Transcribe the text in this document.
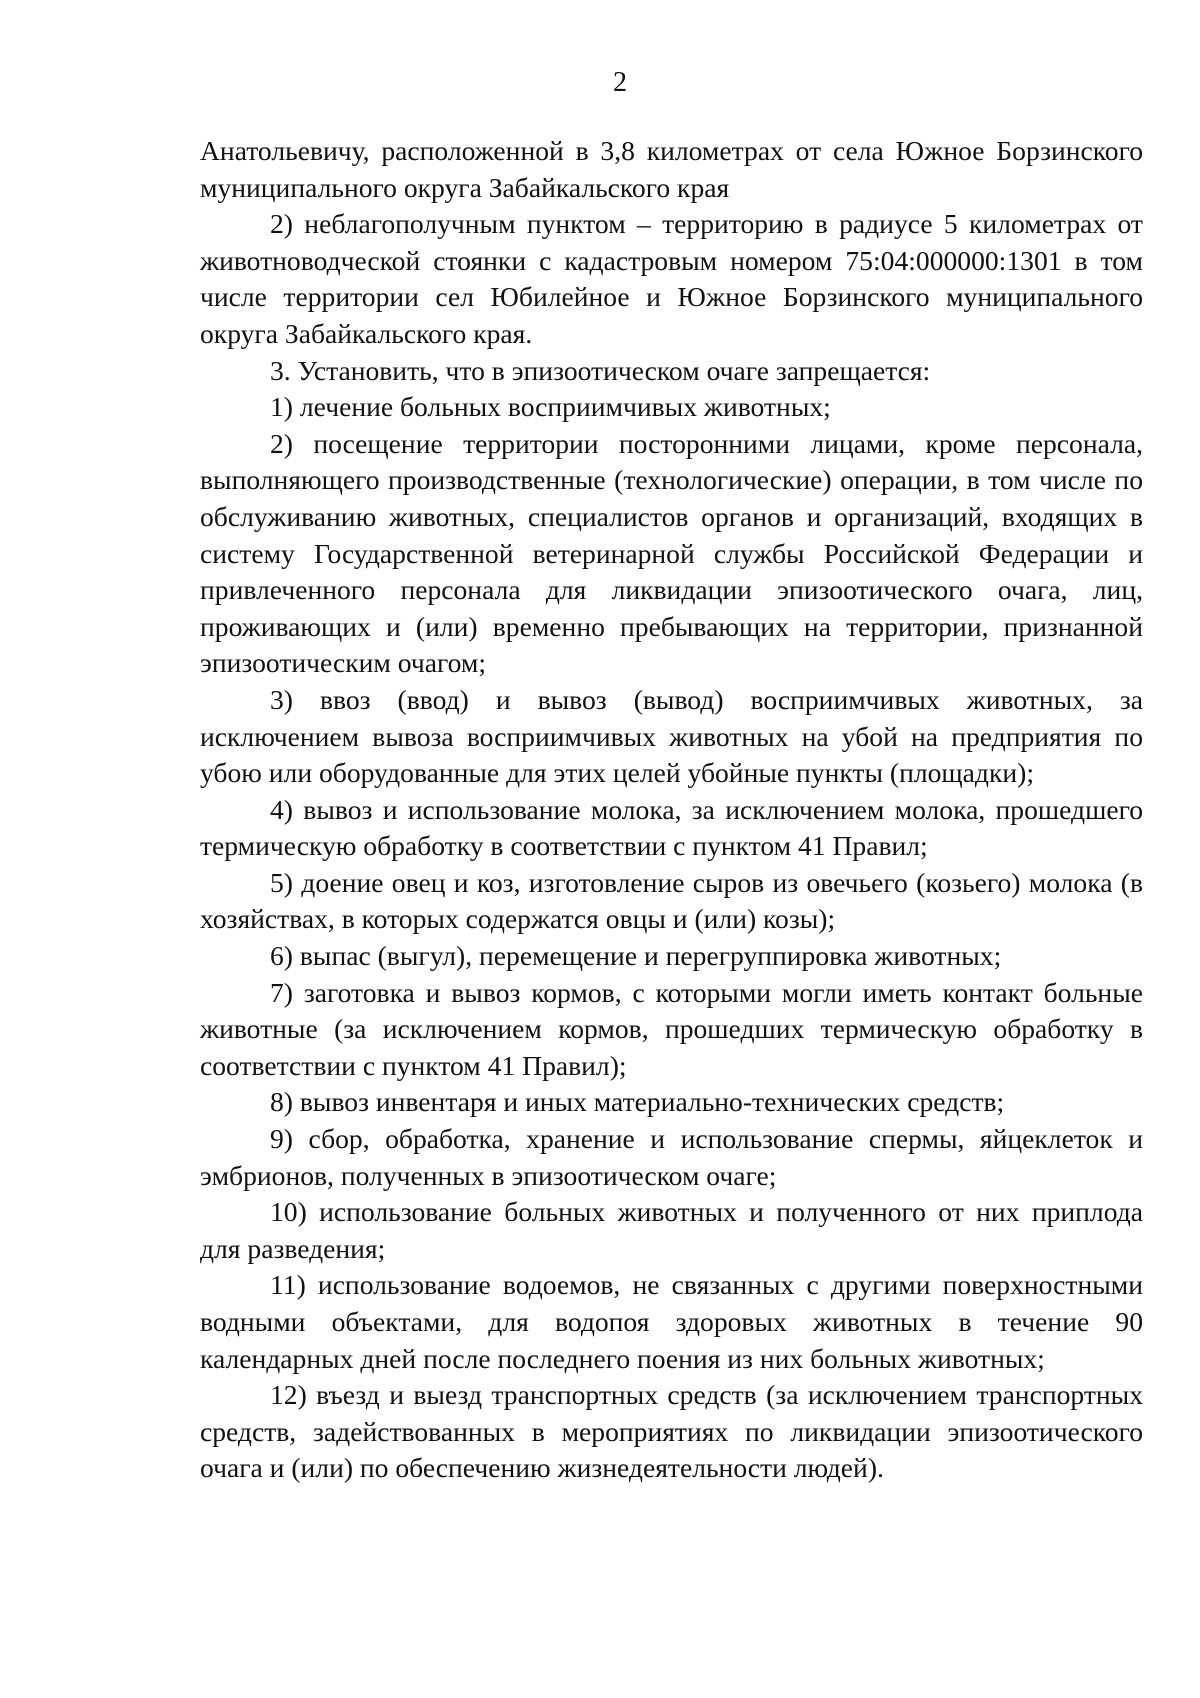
2

Анатольевичу, расположенной в 3,8 километрах от села Южное Борзинского муниципального округа Забайкальского края

2) неблагополучным пунктом – территорию в радиусе 5 километрах от животноводческой стоянки с кадастровым номером 75:04:000000:1301 в том числе территории сел Юбилейное и Южное Борзинского муниципального округа Забайкальского края.

3. Установить, что в эпизоотическом очаге запрещается:

1) лечение больных восприимчивых животных;

2) посещение территории посторонними лицами, кроме персонала, выполняющего производственные (технологические) операции, в том числе по обслуживанию животных, специалистов органов и организаций, входящих в систему Государственной ветеринарной службы Российской Федерации и привлеченного персонала для ликвидации эпизоотического очага, лиц, проживающих и (или) временно пребывающих на территории, признанной эпизоотическим очагом;

3) ввоз (ввод) и вывоз (вывод) восприимчивых животных, за исключением вывоза восприимчивых животных на убой на предприятия по убою или оборудованные для этих целей убойные пункты (площадки);

4) вывоз и использование молока, за исключением молока, прошедшего термическую обработку в соответствии с пунктом 41 Правил;

5) доение овец и коз, изготовление сыров из овечьего (козьего) молока (в хозяйствах, в которых содержатся овцы и (или) козы);

6) выпас (выгул), перемещение и перегруппировка животных;

7) заготовка и вывоз кормов, с которыми могли иметь контакт больные животные (за исключением кормов, прошедших термическую обработку в соответствии с пунктом 41 Правил);

8) вывоз инвентаря и иных материально-технических средств;

9) сбор, обработка, хранение и использование спермы, яйцеклеток и эмбрионов, полученных в эпизоотическом очаге;

10) использование больных животных и полученного от них приплода для разведения;

11) использование водоемов, не связанных с другими поверхностными водными объектами, для водопоя здоровых животных в течение 90 календарных дней после последнего поения из них больных животных;

12) въезд и выезд транспортных средств (за исключением транспортных средств, задействованных в мероприятиях по ликвидации эпизоотического очага и (или) по обеспечению жизнедеятельности людей).
